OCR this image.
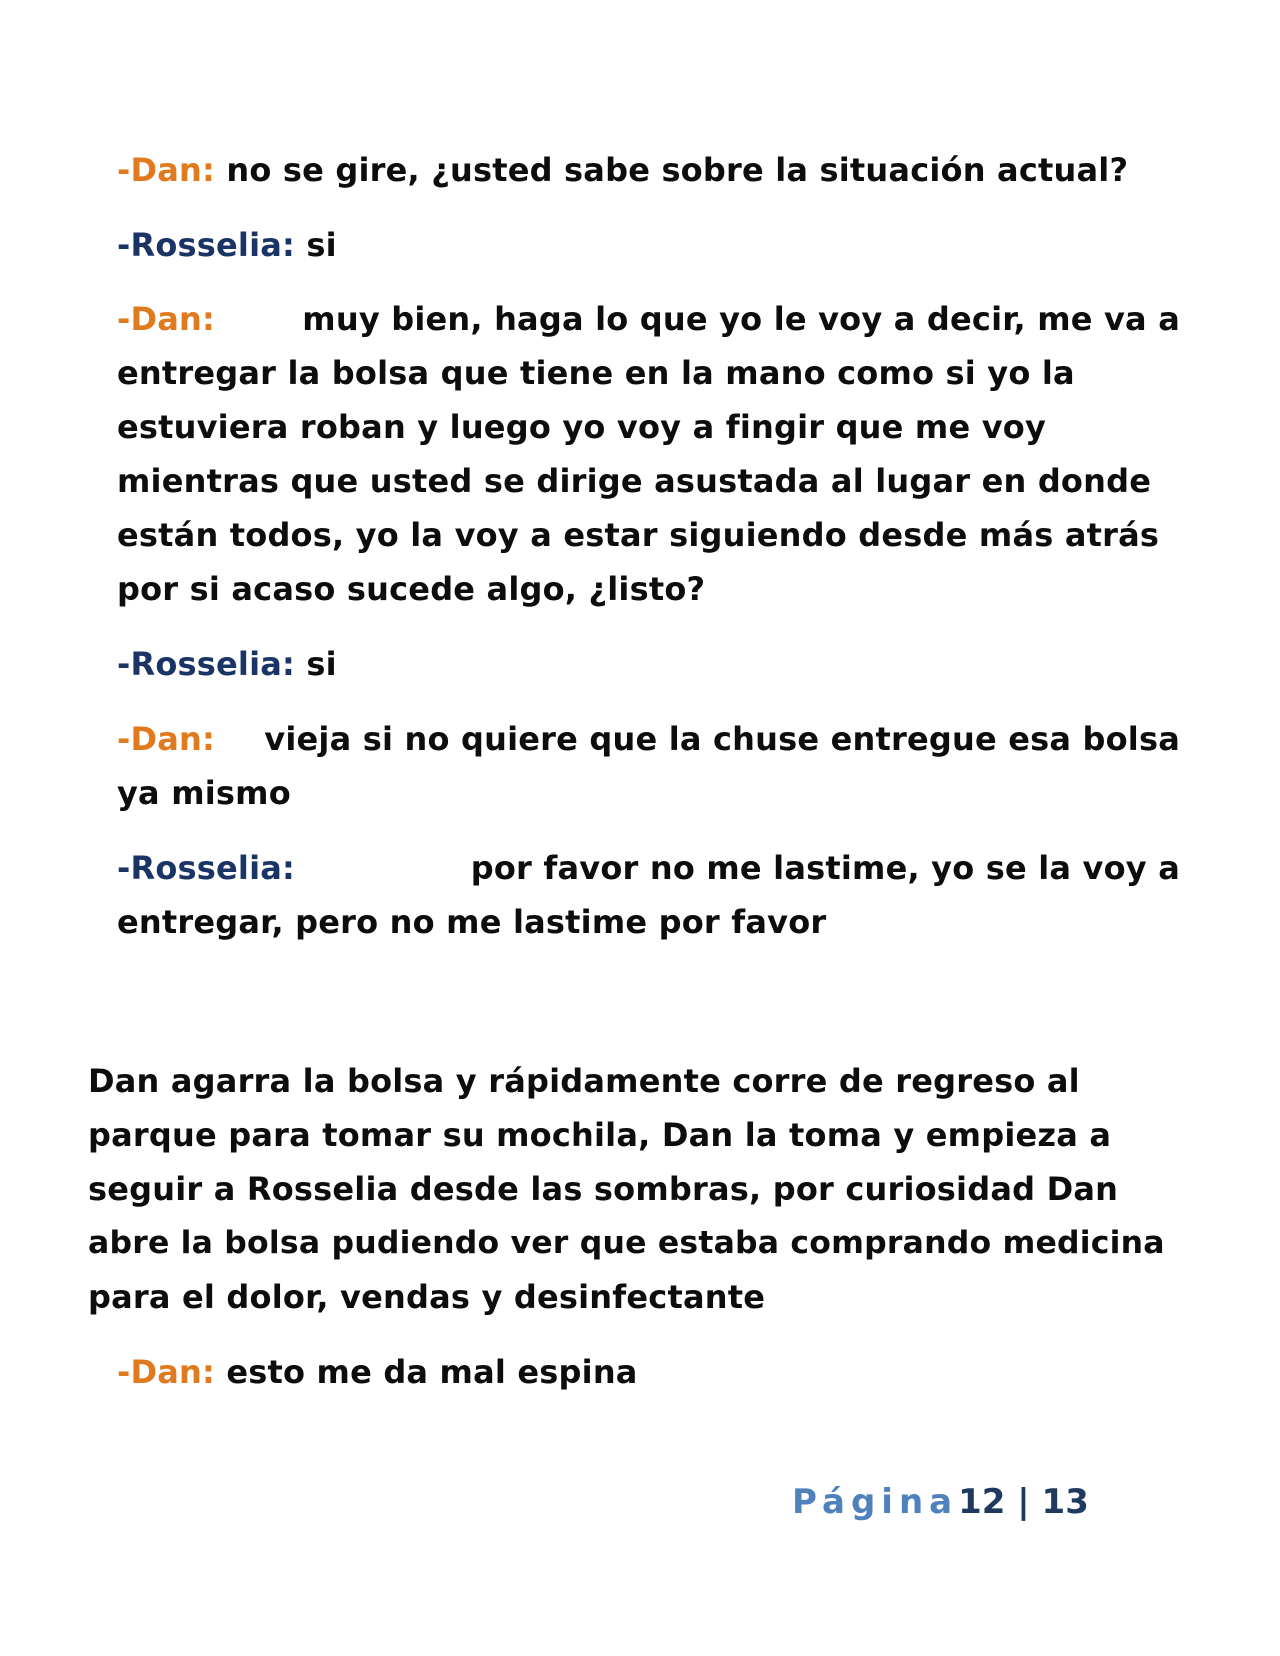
-Dan: no se gire, ¿usted sabe sobre la situación actual?
-Rosselia: si
-Dan:	muy bien, haga lo que yo le voy a decir, me va a
entregar la bolsa que tiene en la mano como si yo la
estuviera roban y luego yo voy a fingir que me voy
mientras que usted se dirige asustada al lugar en donde
están todos, yo la voy a estar siguiendo desde más atrás
por si acaso sucede algo, ¿listo?
-Rosselia: si
-Dan: vieja si no quiere que la chuse entregue esa bolsa
ya mismo
-Rosselia:	por favor no me lastime, yo se la voy a
entregar, pero no me lastime por favor
Dan agarra la bolsa y rápidamente corre de regreso al
parque para tomar su mochila, Dan la toma y empieza a
seguir a Rosselia desde las sombras, por curiosidad Dan
abre la bolsa pudiendo ver que estaba comprando medicina
para el dolor, vendas y desinfectante
-Dan: esto me da mal espina
Página12 | 13
